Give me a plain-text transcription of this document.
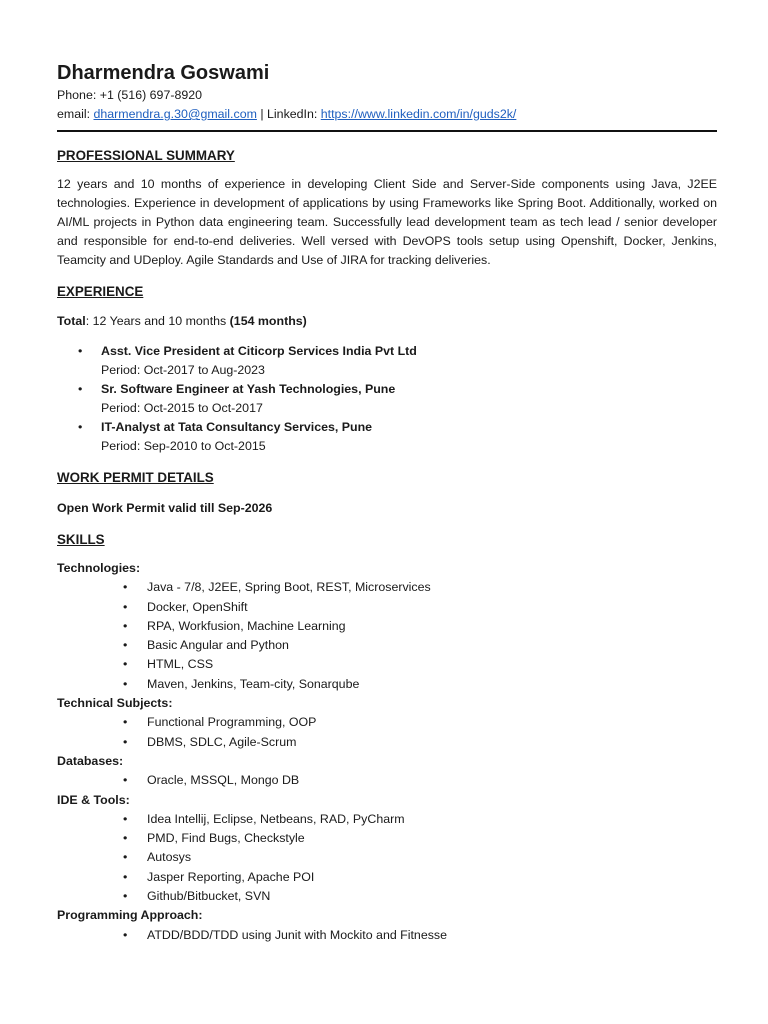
Dharmendra Goswami
Phone: +1 (516) 697-8920
email: dharmendra.g.30@gmail.com | LinkedIn: https://www.linkedin.com/in/guds2k/
PROFESSIONAL SUMMARY

12 years and 10 months of experience in developing Client Side and Server-Side components using Java, J2EE technologies. Experience in development of applications by using Frameworks like Spring Boot. Additionally, worked on AI/ML projects in Python data engineering team. Successfully lead development team as tech lead / senior developer and responsible for end-to-end deliveries. Well versed with DevOPS tools setup using Openshift, Docker, Jenkins, Teamcity and UDeploy. Agile Standards and Use of JIRA for tracking deliveries.

EXPERIENCE
Total: 12 Years and 10 months (154 months)
• Asst. Vice President at Citicorp Services India Pvt Ltd
Period: Oct-2017 to Aug-2023
• Sr. Software Engineer at Yash Technologies, Pune
Period: Oct-2015 to Oct-2017
• IT-Analyst at Tata Consultancy Services, Pune
Period: Sep-2010 to Oct-2015
WORK PERMIT DETAILS
Open Work Permit valid till Sep-2026
SKILLS
Technologies:
• Java - 7/8, J2EE, Spring Boot, REST, Microservices
• Docker, OpenShift
• RPA, Workfusion, Machine Learning
• Basic Angular and Python
• HTML, CSS
• Maven, Jenkins, Team-city, Sonarqube
Technical Subjects:
• Functional Programming, OOP
• DBMS, SDLC, Agile-Scrum
Databases:
• Oracle, MSSQL, Mongo DB
IDE & Tools:
• Idea Intellij, Eclipse, Netbeans, RAD, PyCharm
• PMD, Find Bugs, Checkstyle
• Autosys
• Jasper Reporting, Apache POI
• Github/Bitbucket, SVN
Programming Approach:
• ATDD/BDD/TDD using Junit with Mockito and Fitnesse
